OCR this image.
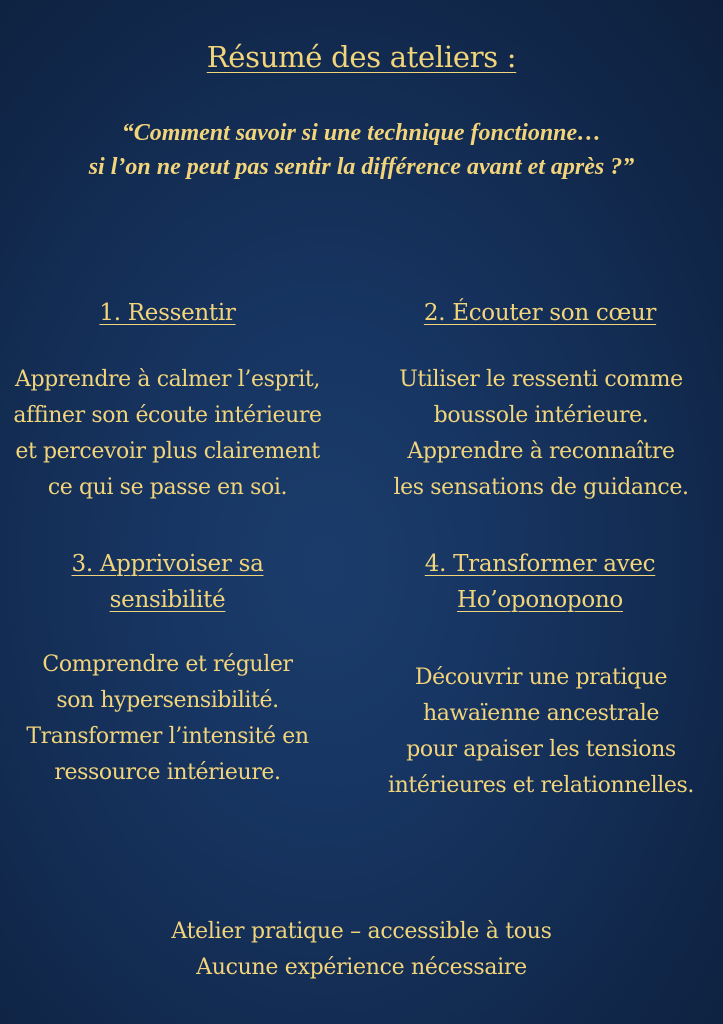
Résumé des ateliers :
“Comment savoir si une technique fonctionne…
si l’on ne peut pas sentir la différence avant et après ?”
1. Ressentir
Apprendre à calmer l’esprit,
affiner son écoute intérieure
et percevoir plus clairement
ce qui se passe en soi.
2. Écouter son cœur
Utiliser le ressenti comme
boussole intérieure.
Apprendre à reconnaître
les sensations de guidance.
3. Apprivoiser sa
sensibilité
Comprendre et réguler
son hypersensibilité.
Transformer l’intensité en
ressource intérieure.
4. Transformer avec
Ho’oponopono
Découvrir une pratique
hawaïenne ancestrale
pour apaiser les tensions
intérieures et relationnelles.
Atelier pratique – accessible à tous
Aucune expérience nécessaire
